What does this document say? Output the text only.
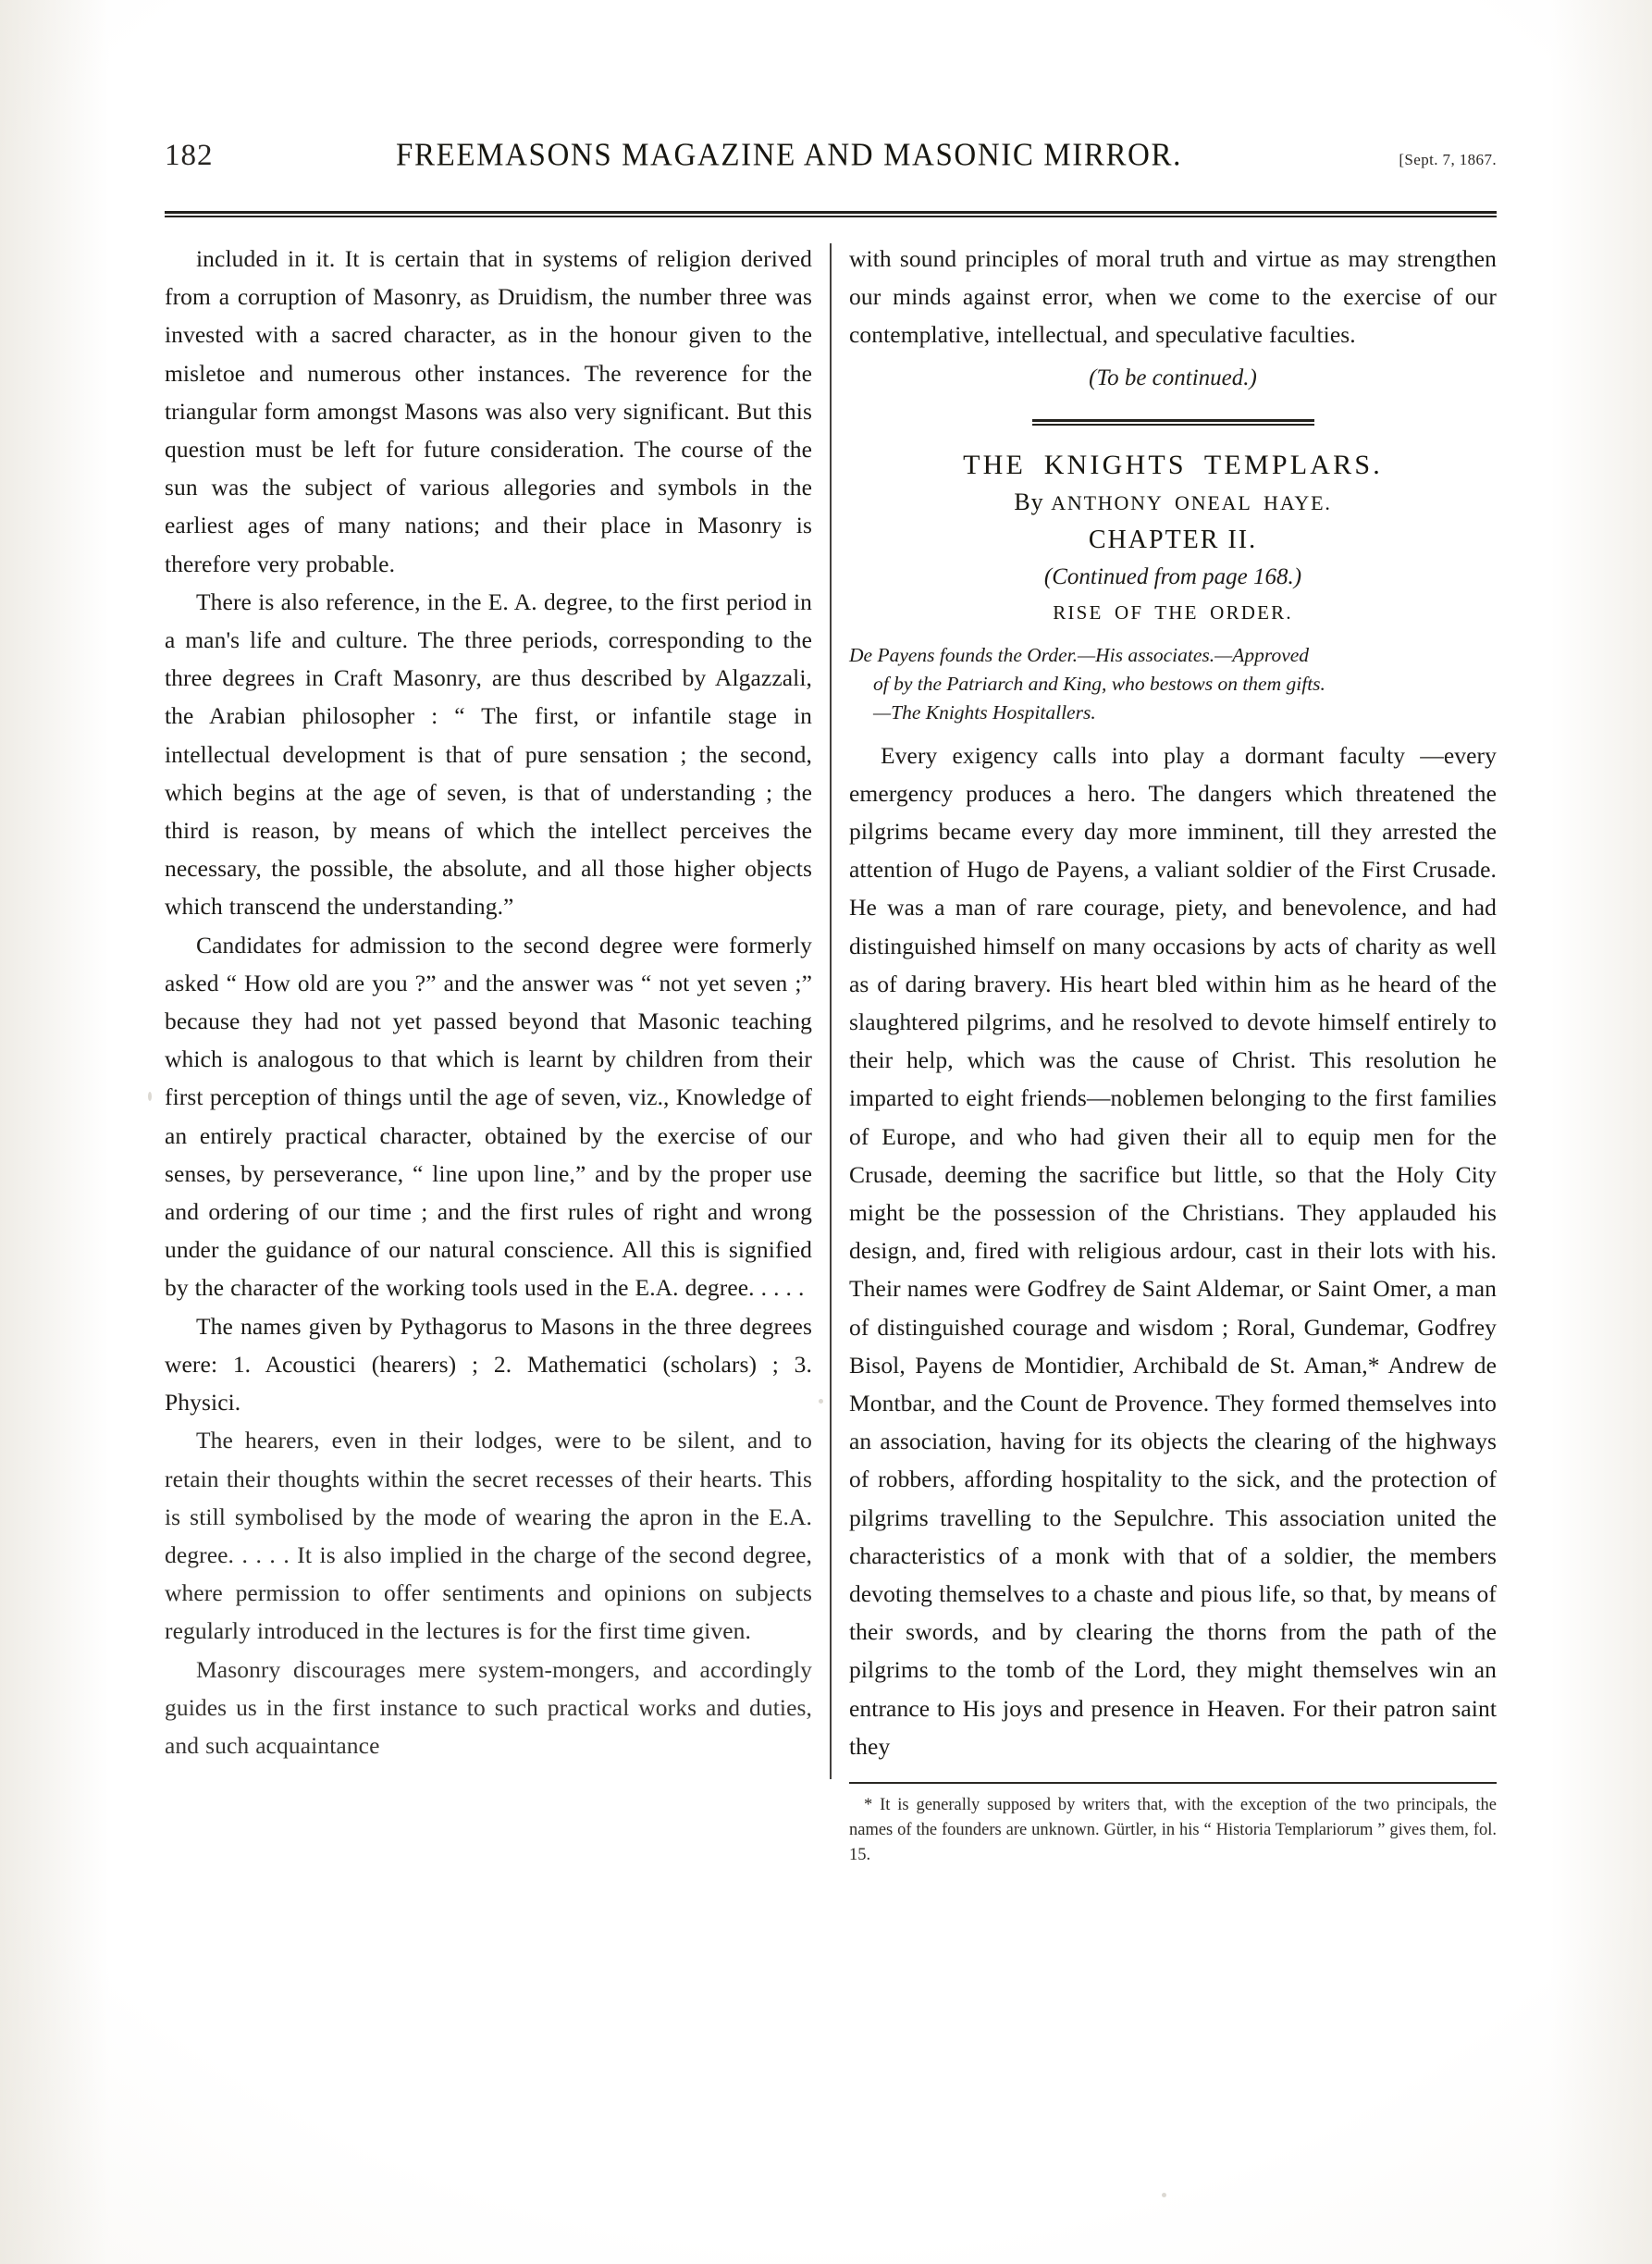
182	FREEMASONS MAGAZINE AND MASONIC MIRROR.	[Sept. 7, 1867.

included in it. It is certain that in systems of religion derived from a corruption of Masonry, as Druidism, the number three was invested with a sacred character, as in the honour given to the misletoe and numerous other instances. The reverence for the triangular form amongst Masons was also very significant. But this question must be left for future consideration. The course of the sun was the subject of various allegories and symbols in the earliest ages of many nations; and their place in Masonry is therefore very probable.

There is also reference, in the E. A. degree, to the first period in a man's life and culture. The three periods, corresponding to the three degrees in Craft Masonry, are thus described by Algazzali, the Arabian philosopher : “ The first, or infantile stage in intellectual development is that of pure sensation ; the second, which begins at the age of seven, is that of understanding ; the third is reason, by means of which the intellect perceives the necessary, the possible, the absolute, and all those higher objects which transcend the understanding.”

Candidates for admission to the second degree were formerly asked “ How old are you ?” and the answer was “ not yet seven ;” because they had not yet passed beyond that Masonic teaching which is analogous to that which is learnt by children from their first perception of things until the age of seven, viz., Knowledge of an entirely practical character, obtained by the exercise of our senses, by perseverance, “ line upon line,” and by the proper use and ordering of our time ; and the first rules of right and wrong under the guidance of our natural conscience. All this is signified by the character of the working tools used in the E.A. degree. . . . .

The names given by Pythagorus to Masons in the three degrees were: 1. Acoustici (hearers) ; 2. Mathematici (scholars) ; 3. Physici.

The hearers, even in their lodges, were to be silent, and to retain their thoughts within the secret recesses of their hearts. This is still symbolised by the mode of wearing the apron in the E.A. degree. . . . . It is also implied in the charge of the second degree, where permission to offer sentiments and opinions on subjects regularly introduced in the lectures is for the first time given.

Masonry discourages mere system-mongers, and accordingly guides us in the first instance to such practical works and duties, and such acquaintance

with sound principles of moral truth and virtue as may strengthen our minds against error, when we come to the exercise of our contemplative, intellectual, and speculative faculties.

(To be continued.)

THE KNIGHTS TEMPLARS.

By ANTHONY ONEAL HAYE.

CHAPTER II.

(Continued from page 168.)

RISE OF THE ORDER.

De Payens founds the Order.—His associates.—Approved
of by the Patriarch and King, who bestows on them gifts.
—The Knights Hospitallers.

Every exigency calls into play a dormant faculty —every emergency produces a hero. The dangers which threatened the pilgrims became every day more imminent, till they arrested the attention of Hugo de Payens, a valiant soldier of the First Crusade. He was a man of rare courage, piety, and benevolence, and had distinguished himself on many occasions by acts of charity as well as of daring bravery. His heart bled within him as he heard of the slaughtered pilgrims, and he resolved to devote himself entirely to their help, which was the cause of Christ. This resolution he imparted to eight friends—noblemen belonging to the first families of Europe, and who had given their all to equip men for the Crusade, deeming the sacrifice but little, so that the Holy City might be the possession of the Christians. They applauded his design, and, fired with religious ardour, cast in their lots with his. Their names were Godfrey de Saint Aldemar, or Saint Omer, a man of distinguished courage and wisdom ; Roral, Gundemar, Godfrey Bisol, Payens de Montidier, Archibald de St. Aman,* Andrew de Montbar, and the Count de Provence. They formed themselves into an association, having for its objects the clearing of the highways of robbers, affording hospitality to the sick, and the protection of pilgrims travelling to the Sepulchre. This association united the characteristics of a monk with that of a soldier, the members devoting themselves to a chaste and pious life, so that, by means of their swords, and by clearing the thorns from the path of the pilgrims to the tomb of the Lord, they might themselves win an entrance to His joys and presence in Heaven. For their patron saint they

* It is generally supposed by writers that, with the exception of the two principals, the names of the founders are unknown. Gürtler, in his “ Historia Templariorum ” gives them, fol. 15.
